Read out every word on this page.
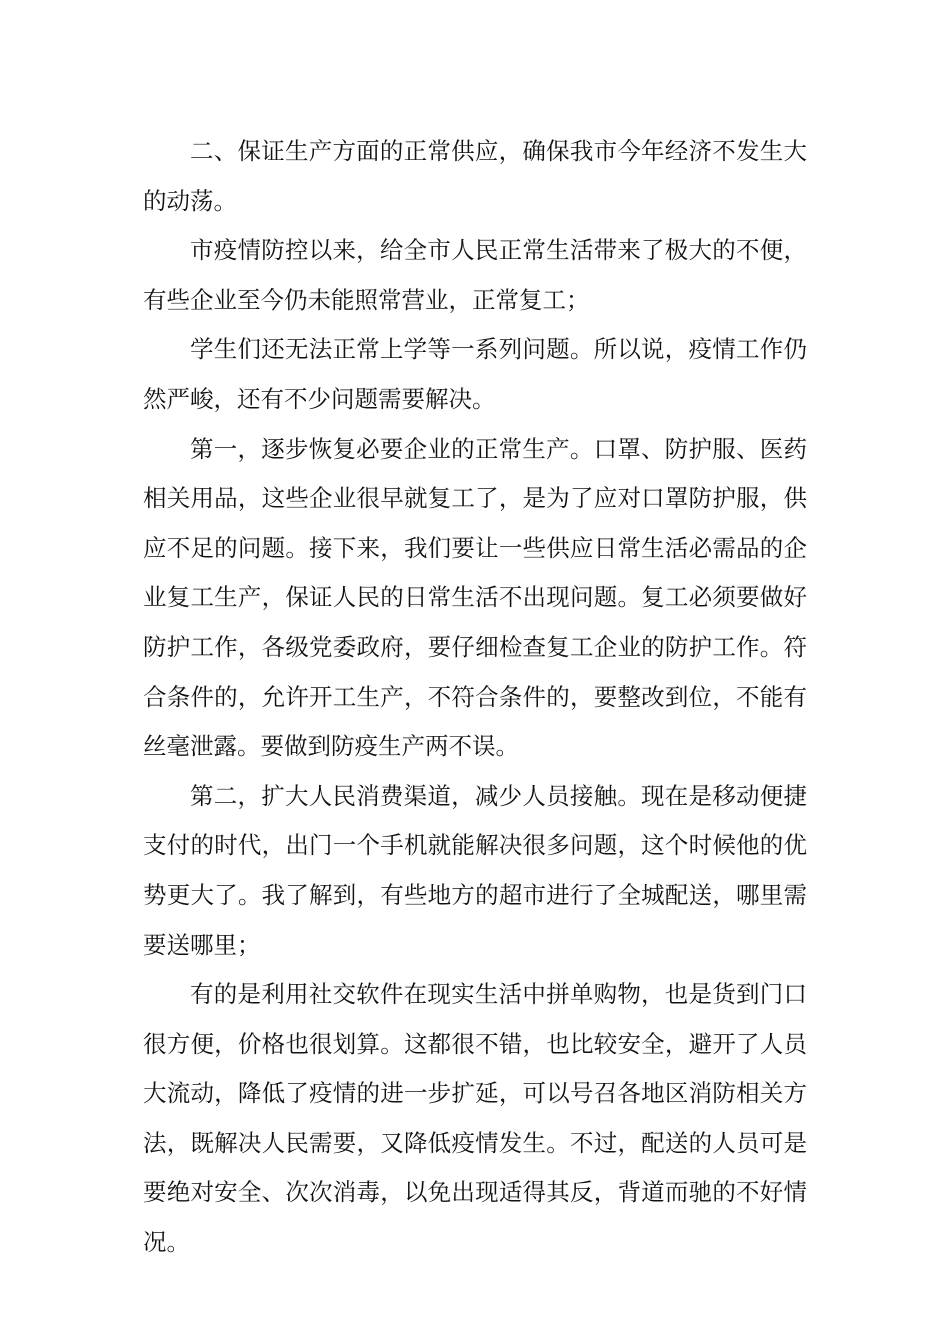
二、保证生产方面的正常供应，确保我市今年经济不发生大的动荡。

市疫情防控以来，给全市人民正常生活带来了极大的不便，有些企业至今仍未能照常营业，正常复工；

学生们还无法正常上学等一系列问题。所以说，疫情工作仍然严峻，还有不少问题需要解决。

第一，逐步恢复必要企业的正常生产。口罩、防护服、医药相关用品，这些企业很早就复工了，是为了应对口罩防护服，供应不足的问题。接下来，我们要让一些供应日常生活必需品的企业复工生产，保证人民的日常生活不出现问题。复工必须要做好防护工作，各级党委政府，要仔细检查复工企业的防护工作。符合条件的，允许开工生产，不符合条件的，要整改到位，不能有丝毫泄露。要做到防疫生产两不误。

第二，扩大人民消费渠道，减少人员接触。现在是移动便捷支付的时代，出门一个手机就能解决很多问题，这个时候他的优势更大了。我了解到，有些地方的超市进行了全城配送，哪里需要送哪里；

有的是利用社交软件在现实生活中拼单购物，也是货到门口很方便，价格也很划算。这都很不错，也比较安全，避开了人员大流动，降低了疫情的进一步扩延，可以号召各地区消防相关方法，既解决人民需要，又降低疫情发生。不过，配送的人员可是要绝对安全、次次消毒，以免出现适得其反，背道而驰的不好情况。
